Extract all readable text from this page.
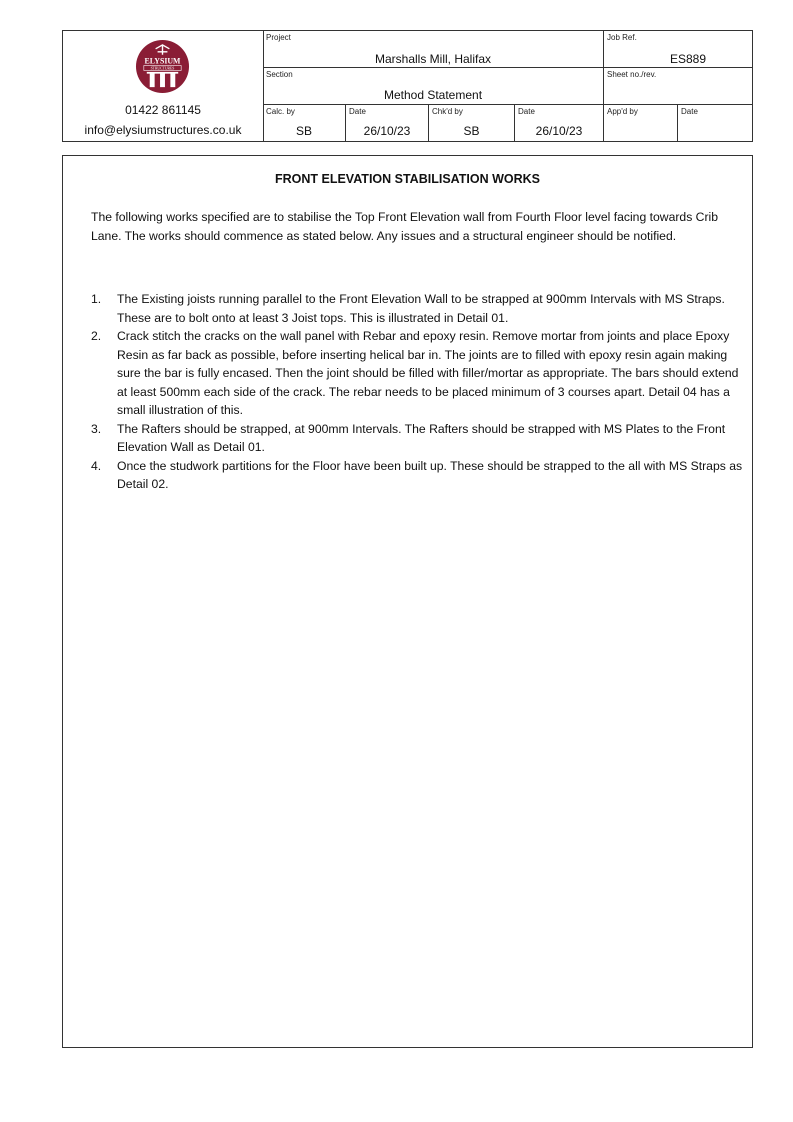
ELYSIUM
STRUCTURES
01422 861145
info@elysiumstructures.co.uk
Project
Marshalls Mill, Halifax
Job Ref.
ES889
Section
Method Statement
Sheet no./rev.
Calc. by
SB
Date
26/10/23
Chk'd by
SB
Date
26/10/23
App'd by	Date
FRONT ELEVATION STABILISATION WORKS

The following works specified are to stabilise the Top Front Elevation wall from Fourth Floor level facing towards Crib Lane. The works should commence as stated below. Any issues and a structural engineer should be notified.

1. The Existing joists running parallel to the Front Elevation Wall to be strapped at 900mm Intervals with MS Straps. These are to bolt onto at least 3 Joist tops. This is illustrated in Detail 01.
2. Crack stitch the cracks on the wall panel with Rebar and epoxy resin. Remove mortar from joints and place Epoxy Resin as far back as possible, before inserting helical bar in. The joints are to filled with epoxy resin again making sure the bar is fully encased. Then the joint should be filled with filler/mortar as appropriate. The bars should extend at least 500mm each side of the crack. The rebar needs to be placed minimum of 3 courses apart. Detail 04 has a small illustration of this.
3. The Rafters should be strapped, at 900mm Intervals. The Rafters should be strapped with MS Plates to the Front Elevation Wall as Detail 01.
4. Once the studwork partitions for the Floor have been built up. These should be strapped to the all with MS Straps as Detail 02.
